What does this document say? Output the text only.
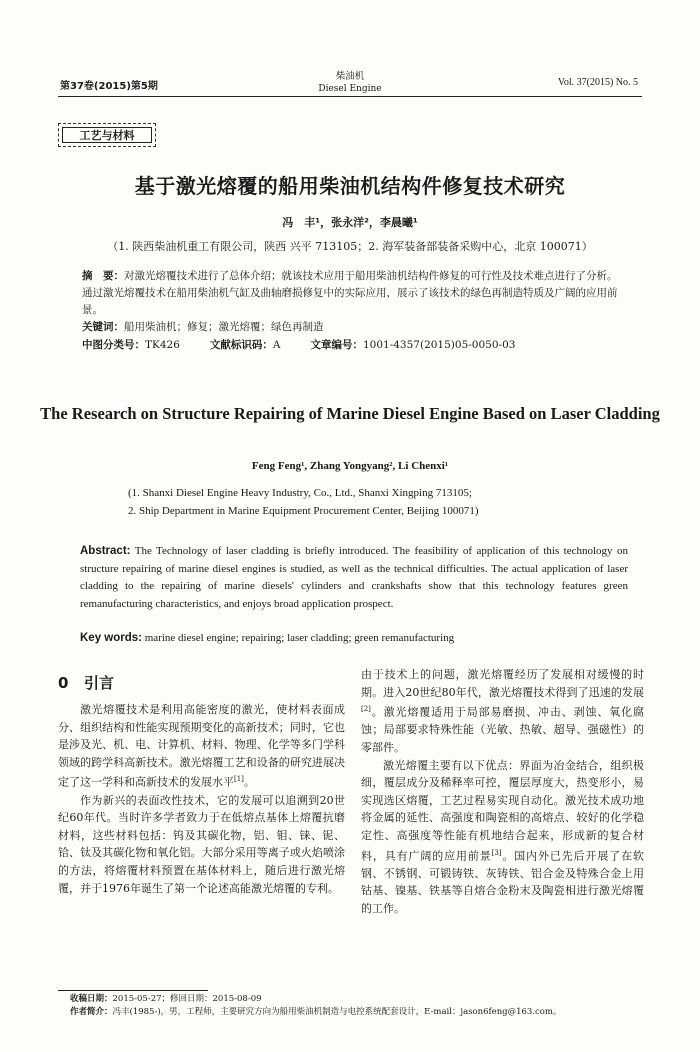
第37卷(2015)第5期
柴油机
Diesel Engine
Vol. 37(2015) No. 5
工艺与材料
基于激光熔覆的船用柴油机结构件修复技术研究
冯　丰¹，张永洋²，李晨曦¹
（1. 陕西柴油机重工有限公司，陕西 兴平 713105；2. 海军装备部装备采购中心，北京 100071）
摘　要：对激光熔覆技术进行了总体介绍；就该技术应用于船用柴油机结构件修复的可行性及技术难点进行了分析。通过激光熔覆技术在船用柴油机气缸及曲轴磨损修复中的实际应用，展示了该技术的绿色再制造特质及广阔的应用前景。
关键词：船用柴油机；修复；激光熔覆；绿色再制造
中图分类号：TK426	文献标识码：A	文章编号：1001-4357(2015)05-0050-03
The Research on Structure Repairing of Marine Diesel Engine Based on Laser Cladding
Feng Feng¹, Zhang Yongyang², Li Chenxi¹
(1. Shanxi Diesel Engine Heavy Industry, Co., Ltd., Shanxi Xingping 713105;
2. Ship Department in Marine Equipment Procurement Center, Beijing 100071)
Abstract: The Technology of laser cladding is briefly introduced. The feasibility of application of this technology on structure repairing of marine diesel engines is studied, as well as the technical difficulties. The actual application of laser cladding to the repairing of marine diesels' cylinders and crankshafts show that this technology features green remanufacturing characteristics, and enjoys broad application prospect.
Key words: marine diesel engine; repairing; laser cladding; green remanufacturing
0 引言

激光熔覆技术是利用高能密度的激光，使材料表面成分、组织结构和性能实现预期变化的高新技术；同时，它也是涉及光、机、电、计算机、材料、物理、化学等多门学科领域的跨学科高新技术。激光熔覆工艺和设备的研究进展决定了这一学科和高新技术的发展水平[1]。

作为新兴的表面改性技术，它的发展可以追溯到20世纪60年代。当时许多学者致力于在低熔点基体上熔覆抗磨材料，这些材料包括：钨及其碳化物，铝、钼、铼、铌、铪、钛及其碳化物和氧化铝。大部分采用等离子或火焰喷涂的方法，将熔覆材料预置在基体材料上，随后进行激光熔覆，并于1976年诞生了第一个论述高能激光熔覆的专利。

由于技术上的问题，激光熔覆经历了发展相对缓慢的时期。进入20世纪80年代，激光熔覆技术得到了迅速的发展[2]。激光熔覆适用于局部易磨损、冲击、剥蚀、氧化腐蚀；局部要求特殊性能（光敏、热敏、超导、强磁性）的零部件。

激光熔覆主要有以下优点：界面为冶金结合，组织极细，覆层成分及稀释率可控，覆层厚度大，热变形小，易实现选区熔覆，工艺过程易实现自动化。激光技术成功地将金属的延性、高强度和陶瓷相的高熔点、较好的化学稳定性、高强度等性能有机地结合起来，形成新的复合材料，具有广阔的应用前景[3]。国内外已先后开展了在软钢、不锈钢、可锻铸铁、灰铸铁、铝合金及特殊合金上用钴基、镍基、铁基等自熔合金粉末及陶瓷相进行激光熔覆的工作。

收稿日期：2015-05-27；修回日期：2015-08-09
作者简介：冯丰(1985-)，男，工程师，主要研究方向为船用柴油机制造与电控系统配套设计，E-mail：jason6feng@163.com。
